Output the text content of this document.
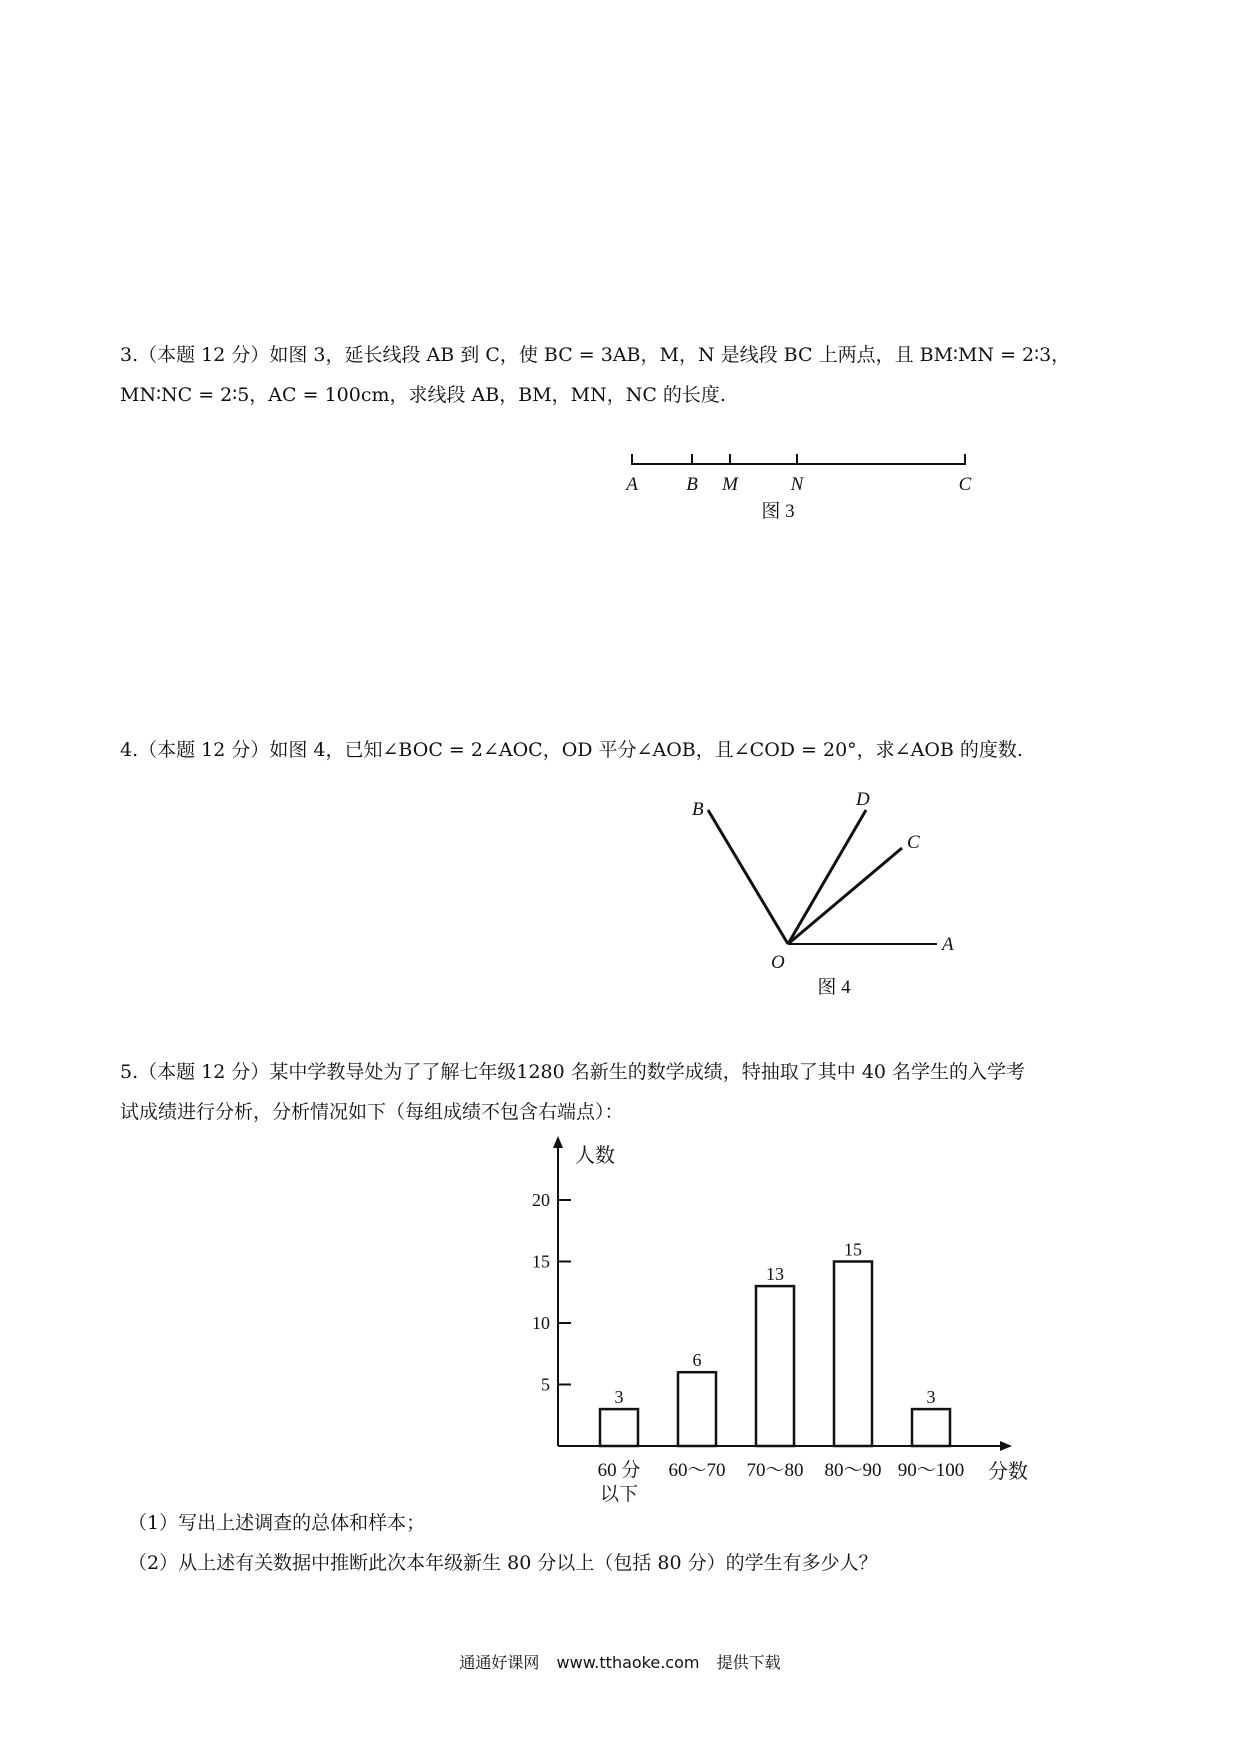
3.（本题 12 分）如图 3，延长线段 AB 到 C，使 BC = 3AB，M，N 是线段 BC 上两点，且 BM∶MN = 2∶3，

MN∶NC = 2∶5，AC = 100cm，求线段 AB，BM，MN，NC 的长度.

A	B M	N	C
图 3

4.（本题 12 分）如图 4，已知∠BOC = 2∠AOC，OD 平分∠AOB，且∠COD = 20°，求∠AOB 的度数.

B	D
C
O
A
图 4

5.（本题 12 分）某中学教导处为了了解七年级1280 名新生的数学成绩，特抽取了其中 40 名学生的入学考

试成绩进行分析，分析情况如下（每组成绩不包含右端点）：

人数
分数
5
10
15
20
3
6
13
15
3
60 分
以下
60～70 70～80 80～90 90～100
（1）写出上述调查的总体和样本；
（2）从上述有关数据中推断此次本年级新生 80 分以上（包括 80 分）的学生有多少人？
通通好课网 www.tthaoke.com 提供下载
